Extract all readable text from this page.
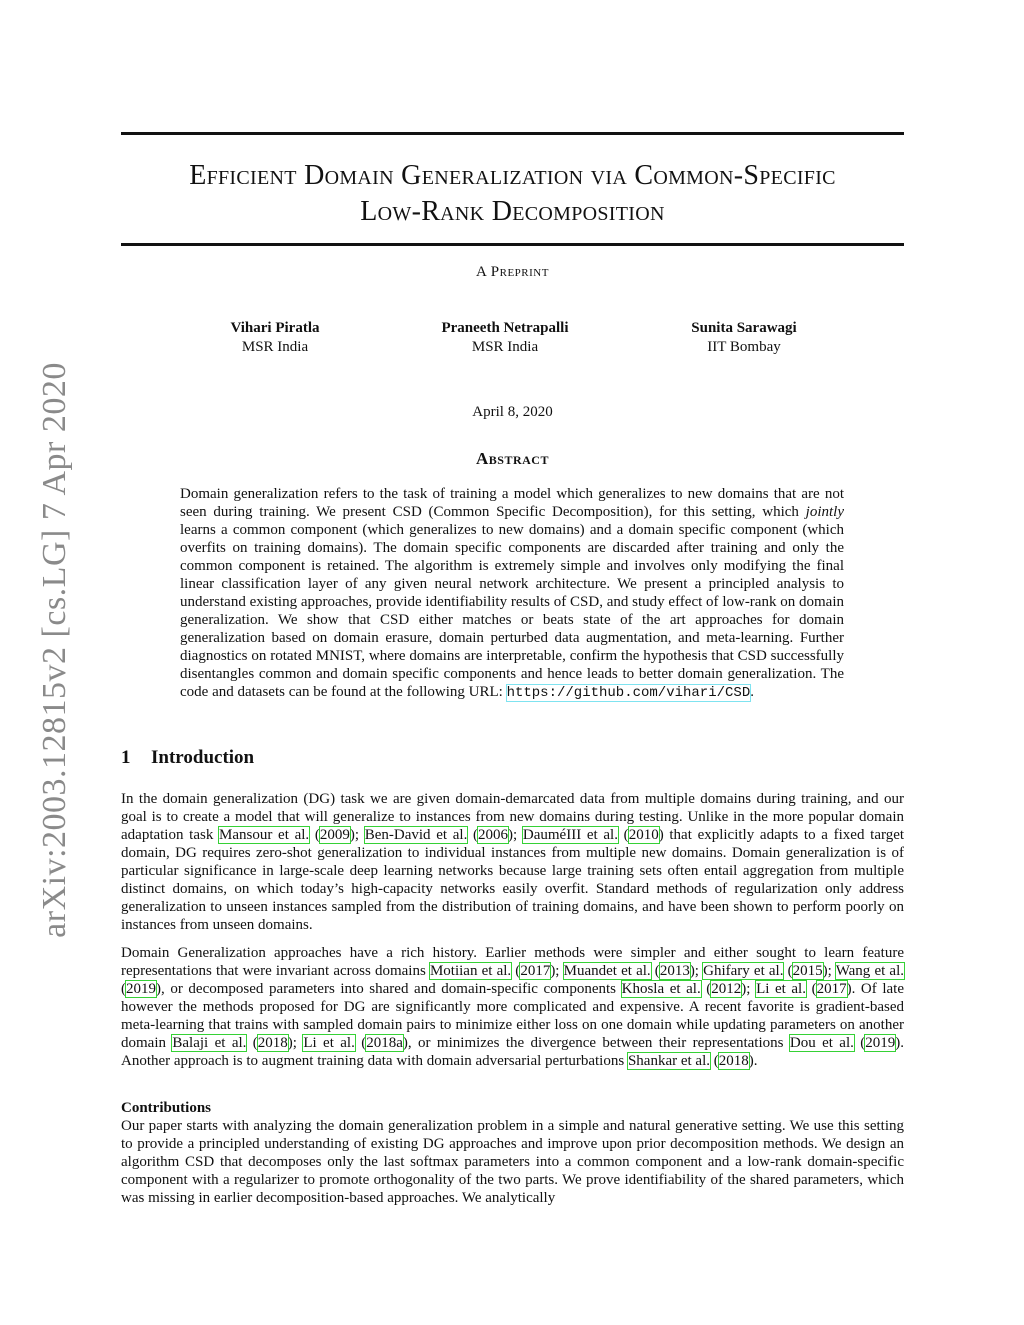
arXiv:2003.12815v2 [cs.LG] 7 Apr 2020
Efficient Domain Generalization via Common-Specific
Low-Rank Decomposition
A Preprint
Vihari Piratla
MSR India
Praneeth Netrapalli
MSR India
Sunita Sarawagi
IIT Bombay
April 8, 2020
Abstract
Domain generalization refers to the task of training a model which generalizes to new domains that are not seen during training. We present CSD (Common Specific Decomposition), for this setting, which jointly learns a common component (which generalizes to new domains) and a domain specific component (which overfits on training domains). The domain specific components are discarded after training and only the common component is retained. The algorithm is extremely simple and involves only modifying the final linear classification layer of any given neural network architecture. We present a principled analysis to understand existing approaches, provide identifiability results of CSD, and study effect of low-rank on domain generalization. We show that CSD either matches or beats state of the art approaches for domain generalization based on domain erasure, domain perturbed data augmentation, and meta-learning. Further diagnostics on rotated MNIST, where domains are interpretable, confirm the hypothesis that CSD successfully disentangles common and domain specific components and hence leads to better domain generalization. The code and datasets can be found at the following URL: https://github.com/vihari/CSD.
1 Introduction
In the domain generalization (DG) task we are given domain-demarcated data from multiple domains during training, and our goal is to create a model that will generalize to instances from new domains during testing. Unlike in the more popular domain adaptation task Mansour et al. (2009); Ben-David et al. (2006); DauméIII et al. (2010) that explicitly adapts to a fixed target domain, DG requires zero-shot generalization to individual instances from multiple new domains. Domain generalization is of particular significance in large-scale deep learning networks because large training sets often entail aggregation from multiple distinct domains, on which today’s high-capacity networks easily overfit. Standard methods of regularization only address generalization to unseen instances sampled from the distribution of training domains, and have been shown to perform poorly on instances from unseen domains.
Domain Generalization approaches have a rich history. Earlier methods were simpler and either sought to learn feature representations that were invariant across domains Motiian et al. (2017); Muandet et al. (2013); Ghifary et al. (2015); Wang et al. (2019), or decomposed parameters into shared and domain-specific components Khosla et al. (2012); Li et al. (2017). Of late however the methods proposed for DG are significantly more complicated and expensive. A recent favorite is gradient-based meta-learning that trains with sampled domain pairs to minimize either loss on one domain while updating parameters on another domain Balaji et al. (2018); Li et al. (2018a), or minimizes the divergence between their representations Dou et al. (2019). Another approach is to augment training data with domain adversarial perturbations Shankar et al. (2018).
Contributions
Our paper starts with analyzing the domain generalization problem in a simple and natural generative setting. We use this setting to provide a principled understanding of existing DG approaches and improve upon prior decomposition methods. We design an algorithm CSD that decomposes only the last softmax parameters into a common component and a low-rank domain-specific component with a regularizer to promote orthogonality of the two parts. We prove identifiability of the shared parameters, which was missing in earlier decomposition-based approaches. We analytically
